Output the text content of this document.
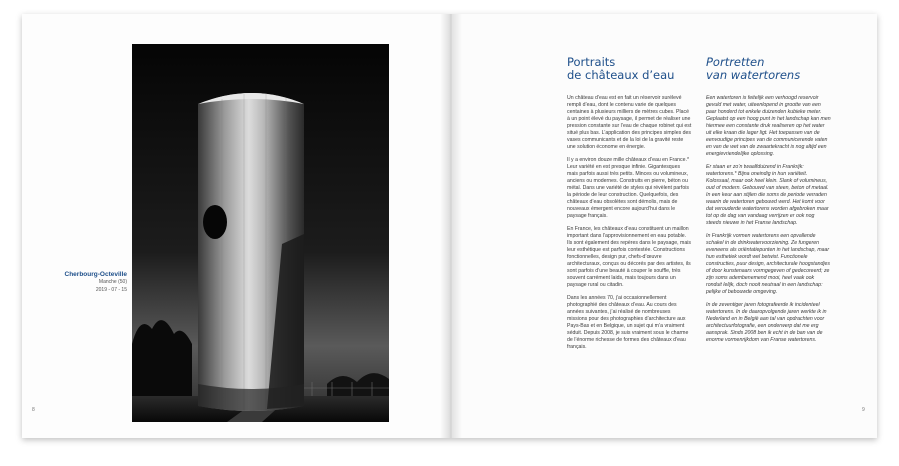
Cherbourg-Octeville
Manche (50)
2019 - 07 - 15
8
Portraits
de châteaux d’eau

Un château d’eau est en fait un réservoir surélevé rempli d’eau, dont le contenu varie de quelques centaines à plusieurs milliers de mètres cubes. Placé à un point élevé du paysage, il permet de réaliser une pression constante sur l’eau de chaque robinet qui est situé plus bas. L’application des principes simples des vases communicants et de la loi de la gravité reste une solution économe en énergie.

Il y a environ douze mille châteaux d’eau en France.* Leur variété en est presque infinie. Gigantesques mais parfois aussi très petits. Minces ou volumineux, anciens ou modernes. Construits en pierre, béton ou métal. Dans une variété de styles qui révèlent parfois la période de leur construction. Quelquefois, des châteaux d’eau obsolètes sont démolis, mais de nouveaux émergent encore aujourd’hui dans le paysage français.

En France, les châteaux d’eau constituent un maillon important dans l’approvisionnement en eau potable. Ils sont également des repères dans le paysage, mais leur esthétique est parfois contestée. Constructions fonctionnelles, design pur, chefs-d’œuvre architecturaux, conçus ou décorés par des artistes, ils sont parfois d’une beauté à couper le souffle, très souvent carrément laids, mais toujours dans un paysage rural ou citadin.

Dans les années 70, j’ai occasionnellement photographié des châteaux d’eau. Au cours des années suivantes, j’ai réalisé de nombreuses missions pour des photographies d’architecture aux Pays-Bas et en Belgique, un sujet qui m’a vraiment séduit. Depuis 2008, je suis vraiment sous le charme de l’énorme richesse de formes des châteaux d’eau français.

Portretten
van watertorens

Een watertoren is feitelijk een verhoogd reservoir gevuld met water, uiteenlopend in grootte van een paar honderd tot enkele duizenden kubieke meter. Geplaatst op een hoog punt in het landschap kan men hiermee een constante druk realiseren op het water uit elke kraan die lager ligt. Het toepassen van de eenvoudige principes van de communicerende vaten en van de wet van de zwaartekracht is nog altijd een energievriendelijke oplossing.

Er staan er zo’n twaalfduizend in Frankrijk: watertorens.* Bijna oneindig in hun variëteit. Kolossaal, maar ook heel klein. Slank of volumineus, oud of modern. Gebouwd van steen, beton of metaal. In een keur aan stijlen die soms de periode verraden waarin de watertoren gebouwd werd. Het komt voor dat verouderde watertorens worden afgebroken maar tot op de dag van vandaag verrijzen er ook nog steeds nieuwe in het Franse landschap.

In Frankrijk vormen watertorens een opvallende schakel in de drinkwatervoorziening. Ze fungeren eveneens als oriëntatiepunten in het landschap, maar hun esthetiek wordt wel betwist. Functionele constructies, puur design, architecturale hoogstandjes of door kunstenaars vormgegeven of gedecoreerd; ze zijn soms adembenemend mooi, heel vaak ook ronduit lelijk, doch nooit neutraal in een landschap: pelijke of bebouwde omgeving.

In de zeventiger jaren fotografeerde ik incidenteel watertorens. In de daaropvolgende jaren werkte ik in Nederland en in België aan tal van opdrachten voor architectuurfotografie, een onderwerp dat me erg aansprak. Sinds 2008 ben ik echt in de ban van de enorme vormenrijkdom van Franse watertorens.

9
